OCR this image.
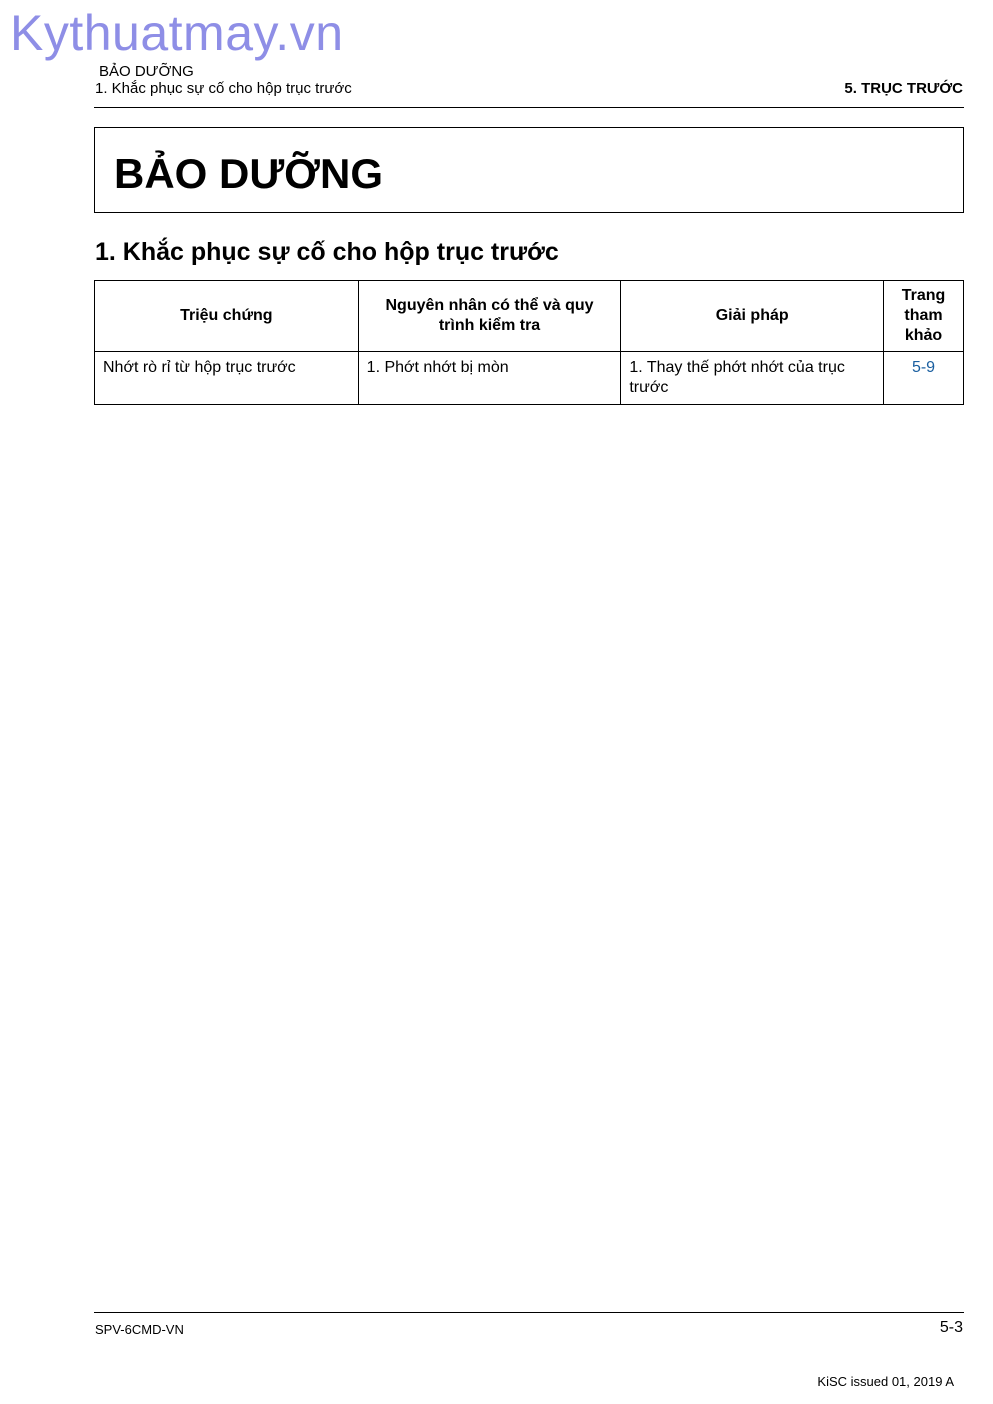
Kythuatmay.vn
BẢO DƯỠNG
1. Khắc phục sự cố cho hộp trục trước	5. TRỤC TRƯỚC
BẢO DƯỠNG
1. Khắc phục sự cố cho hộp trục trước
Triệu chứng	Nguyên nhân có thể và quy trình kiểm tra	Giải pháp	Trang tham khảo
Nhớt rò rỉ từ hộp trục trước	1. Phớt nhớt bị mòn	1. Thay thế phớt nhớt của trục trước	5-9
SPV-6CMD-VN	5-3
KiSC issued 01, 2019 A
